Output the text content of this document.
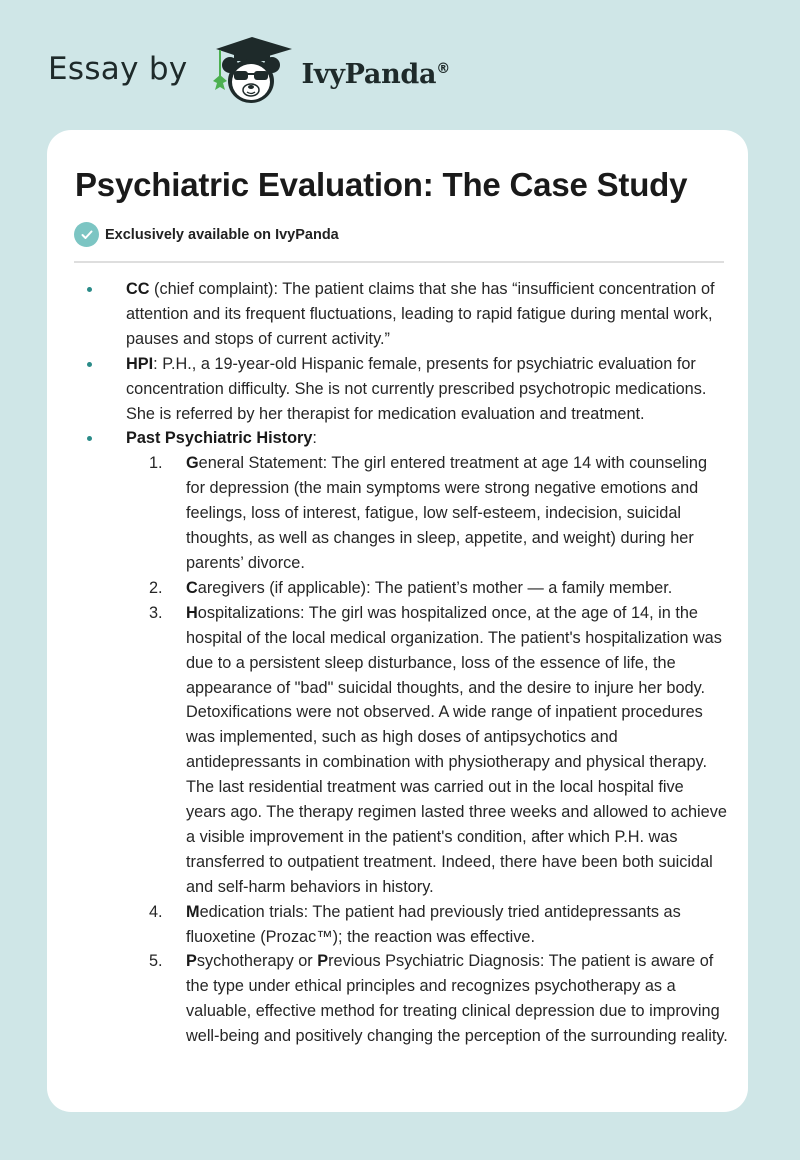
Essay by	IvyPanda®
Psychiatric Evaluation: The Case Study
Exclusively available on IvyPanda
CC (chief complaint): The patient claims that she has “insufficient concentration of attention and its frequent fluctuations, leading to rapid fatigue during mental work, pauses and stops of current activity.”
HPI: P.H., a 19-year-old Hispanic female, presents for psychiatric evaluation for concentration difficulty. She is not currently prescribed psychotropic medications. She is referred by her therapist for medication evaluation and treatment.
Past Psychiatric History:
1. General Statement: The girl entered treatment at age 14 with counseling for depression (the main symptoms were strong negative emotions and feelings, loss of interest, fatigue, low self-esteem, indecision, suicidal thoughts, as well as changes in sleep, appetite, and weight) during her parents’ divorce.
2. Caregivers (if applicable): The patient’s mother — a family member.
3. Hospitalizations: The girl was hospitalized once, at the age of 14, in the hospital of the local medical organization. The patient's hospitalization was due to a persistent sleep disturbance, loss of the essence of life, the appearance of "bad" suicidal thoughts, and the desire to injure her body. Detoxifications were not observed. A wide range of inpatient procedures was implemented, such as high doses of antipsychotics and antidepressants in combination with physiotherapy and physical therapy. The last residential treatment was carried out in the local hospital five years ago. The therapy regimen lasted three weeks and allowed to achieve a visible improvement in the patient's condition, after which P.H. was transferred to outpatient treatment. Indeed, there have been both suicidal and self-harm behaviors in history.
4. Medication trials: The patient had previously tried antidepressants as fluoxetine (Prozac™); the reaction was effective.
5. Psychotherapy or Previous Psychiatric Diagnosis: The patient is aware of the type under ethical principles and recognizes psychotherapy as a valuable, effective method for treating clinical depression due to improving well-being and positively changing the perception of the surrounding reality.
